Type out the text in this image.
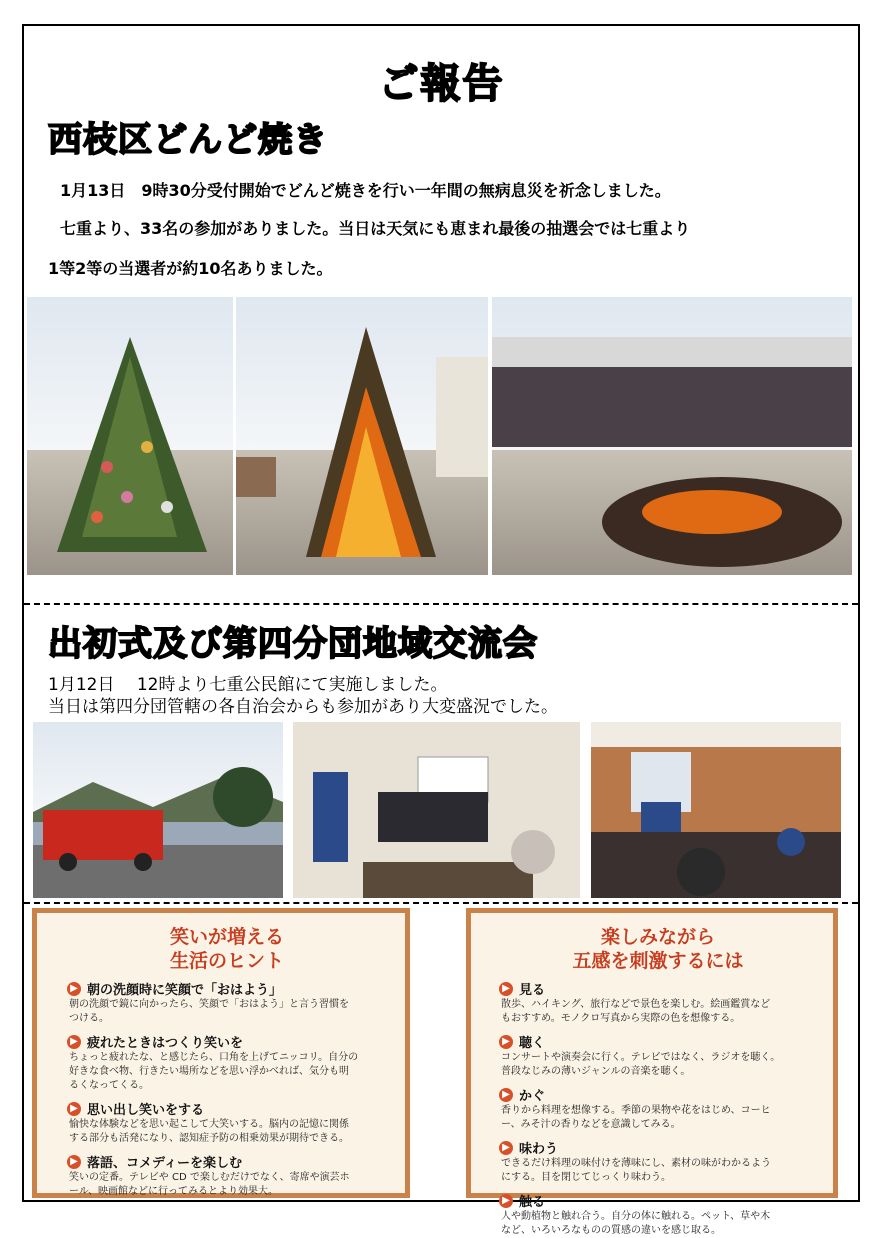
ご報告
西枝区どんど焼き
1月13日　9時30分受付開始でどんど焼きを行い一年間の無病息災を祈念しました。
七重より、33名の参加がありました。当日は天気にも恵まれ最後の抽選会では七重より
1等2等の当選者が約10名ありました。
出初式及び第四分団地域交流会
1月12日　 12時より七重公民館にて実施しました。
当日は第四分団管轄の各自治会からも参加があり大変盛況でした。
笑いが増える
生活のヒント
▶ 朝の洗顔時に笑顔で「おはよう」
朝の洗顔で鏡に向かったら、笑顔で「おはよう」と言う習慣を
つける。
▶ 疲れたときはつくり笑いを
ちょっと疲れたな、と感じたら、口角を上げてニッコリ。自分の
好きな食べ物、行きたい場所などを思い浮かべれば、気分も明
るくなってくる。
▶ 思い出し笑いをする
愉快な体験などを思い起こして大笑いする。脳内の記憶に関係
する部分も活発になり、認知症予防の相乗効果が期待できる。
▶ 落語、コメディーを楽しむ
笑いの定番。テレビや CD で楽しむだけでなく、寄席や演芸ホ
ール、映画館などに行ってみるとより効果大。
楽しみながら
五感を刺激するには
▶ 見る
散歩、ハイキング、旅行などで景色を楽しむ。絵画鑑賞など
もおすすめ。モノクロ写真から実際の色を想像する。
▶ 聴く
コンサートや演奏会に行く。テレビではなく、ラジオを聴く。
普段なじみの薄いジャンルの音楽を聴く。
▶ かぐ
香りから料理を想像する。季節の果物や花をはじめ、コーヒ
ー、みそ汁の香りなどを意識してみる。
▶ 味わう
できるだけ料理の味付けを薄味にし、素材の味がわかるよう
にする。目を閉じてじっくり味わう。
▶ 触る
人や動植物と触れ合う。自分の体に触れる。ペット、草や木
など、いろいろなものの質感の違いを感じ取る。
